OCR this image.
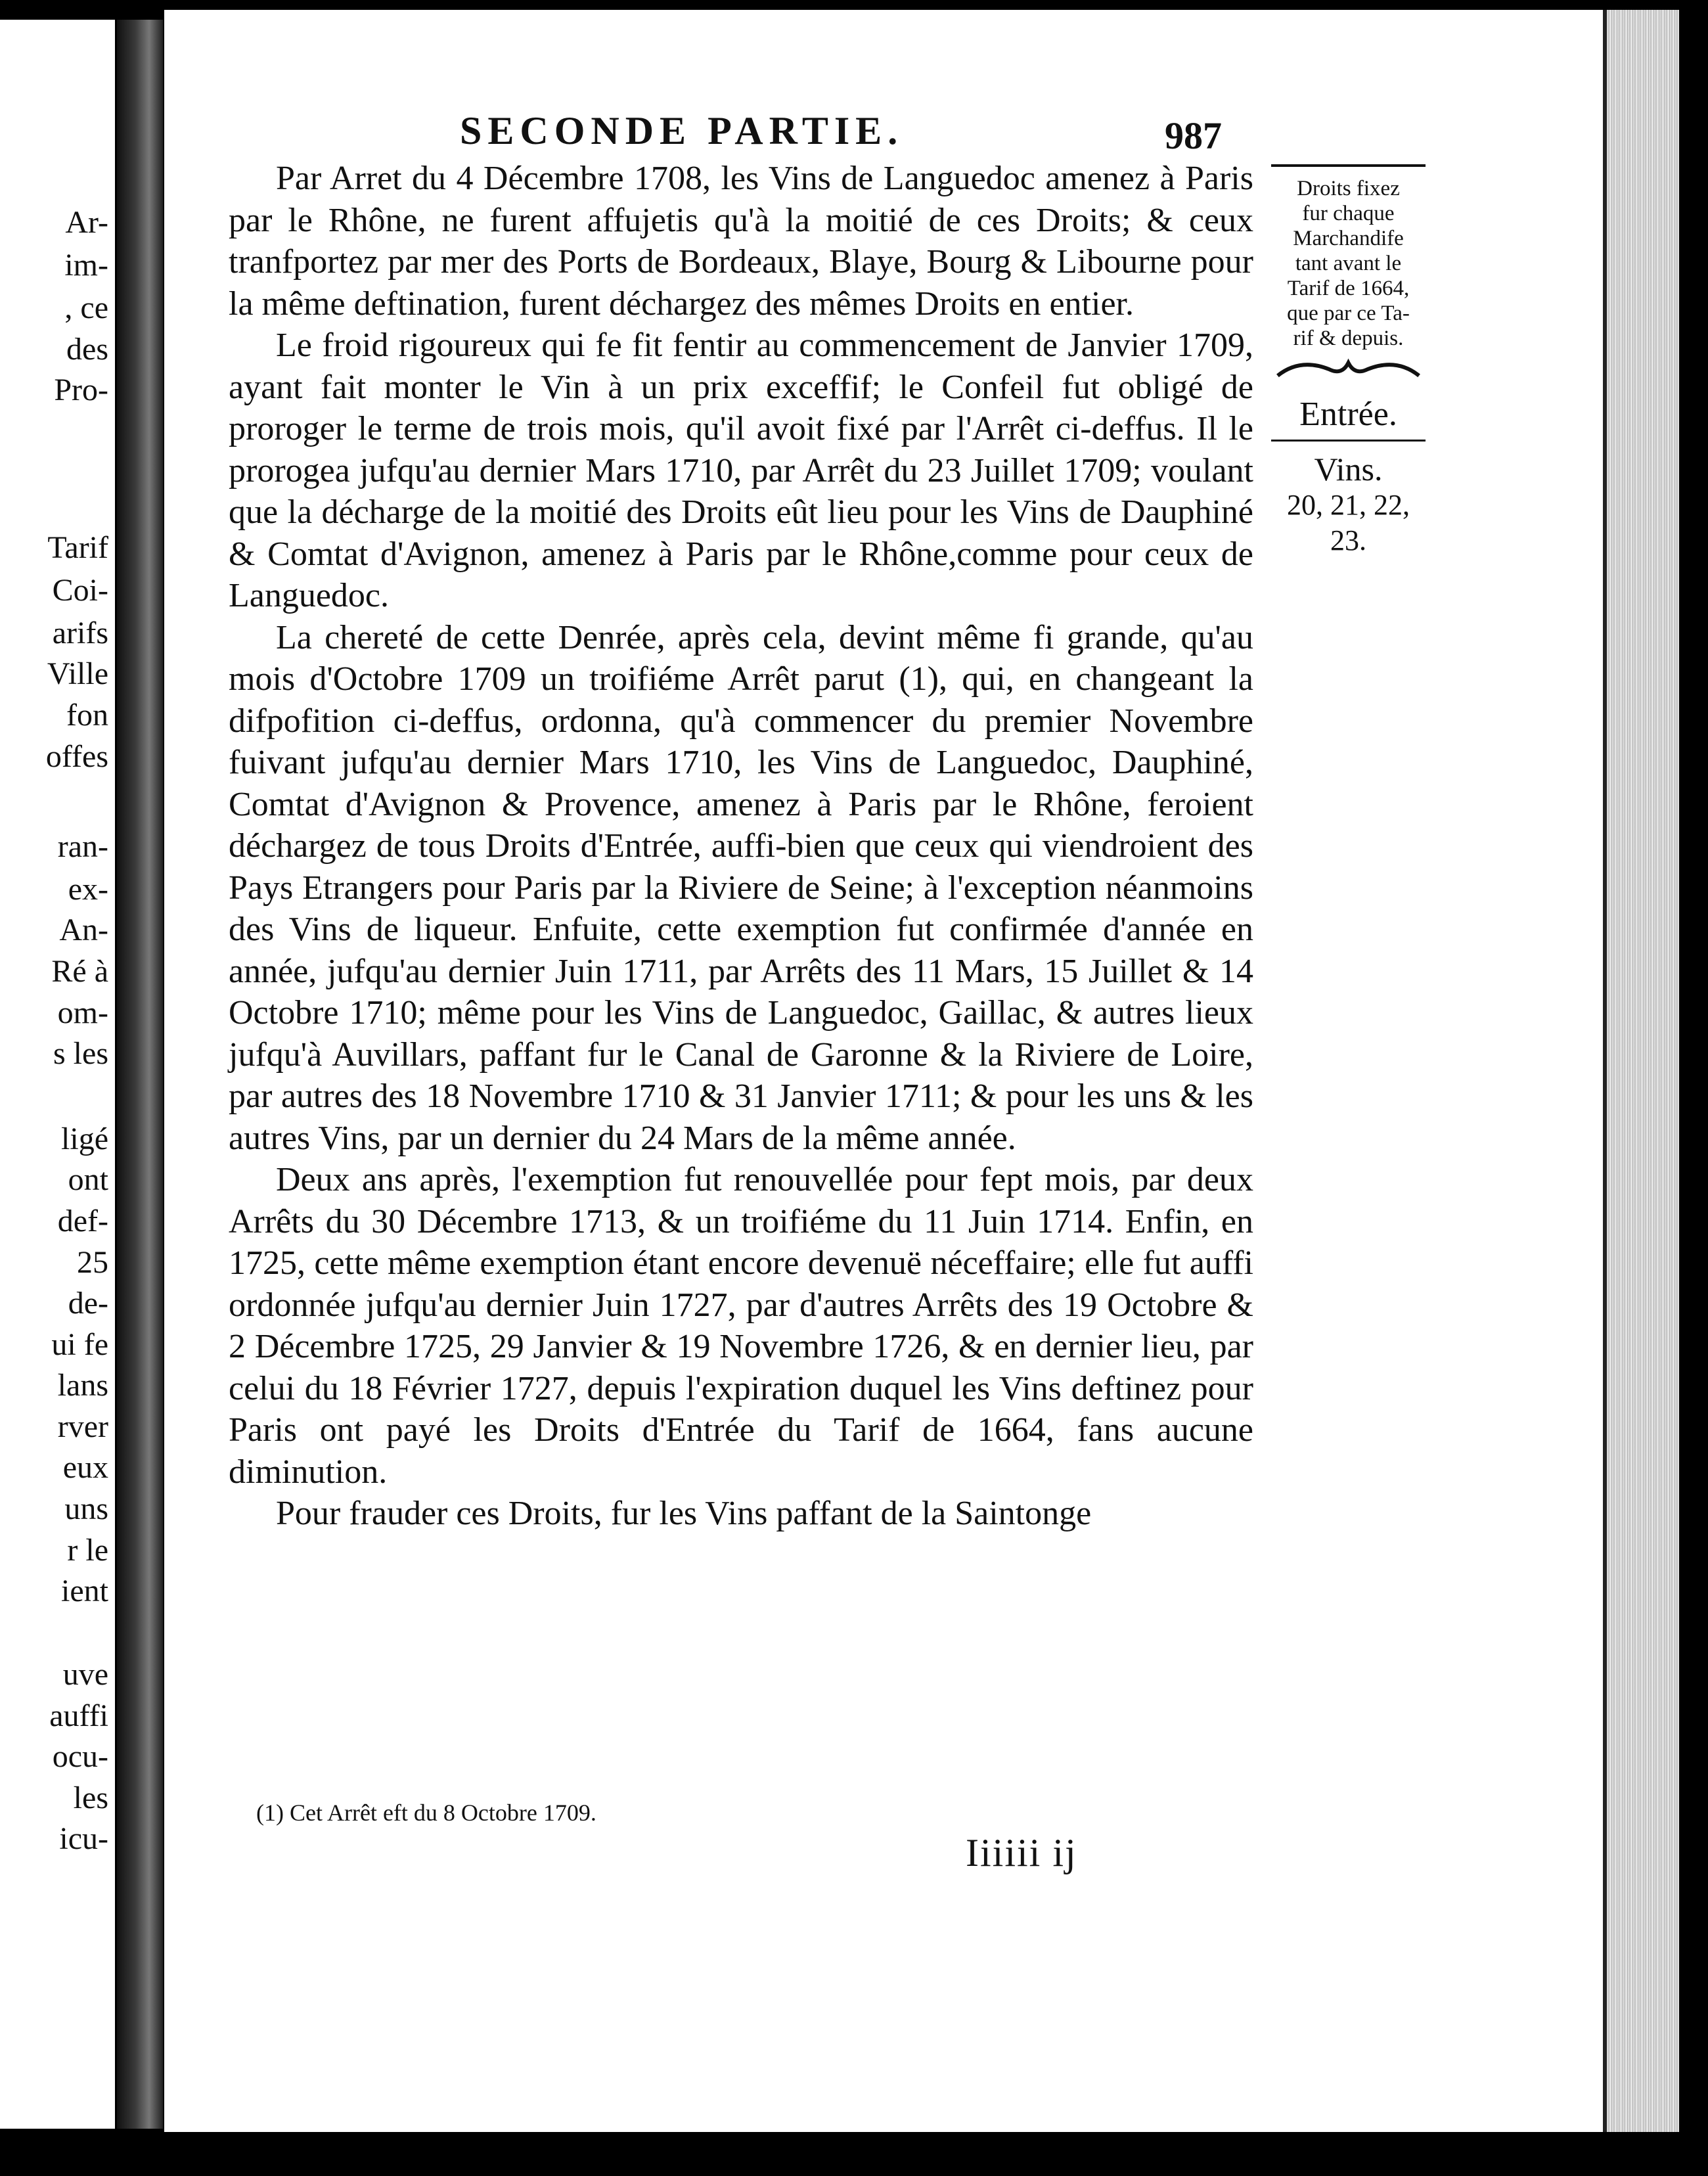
Ar-
im-
, ce
des
Pro-
Tarif
Coi-
arifs
Ville
fon
offes
ran-
ex-
An-
Ré à
om-
s les
ligé
ont
def-
25
de-
ui fe
lans
rver
eux
uns
r le
ient
uve
auffi
ocu-
les
icu-
SECONDE PARTIE.	987

Par Arret du 4 Décembre 1708, les Vins de Languedoc amenez à Paris par le Rhône, ne furent affujetis qu'à la moitié de ces Droits; & ceux tranfportez par mer des Ports de Bordeaux, Blaye, Bourg & Libourne pour la même deftination, furent déchargez des mêmes Droits en entier.

Le froid rigoureux qui fe fit fentir au commencement de Janvier 1709, ayant fait monter le Vin à un prix exceffif; le Confeil fut obligé de proroger le terme de trois mois, qu'il avoit fixé par l'Arrêt ci-deffus. Il le prorogea jufqu'au dernier Mars 1710, par Arrêt du 23 Juillet 1709; voulant que la décharge de la moitié des Droits eût lieu pour les Vins de Dauphiné & Comtat d'Avignon, amenez à Paris par le Rhône,comme pour ceux de Languedoc.

La chereté de cette Denrée, après cela, devint même fi grande, qu'au mois d'Octobre 1709 un troifiéme Arrêt parut (1), qui, en changeant la difpofition ci-deffus, ordonna, qu'à commencer du premier Novembre fuivant jufqu'au dernier Mars 1710, les Vins de Languedoc, Dauphiné, Comtat d'Avignon & Provence, amenez à Paris par le Rhône, feroient déchargez de tous Droits d'Entrée, auffi-bien que ceux qui viendroient des Pays Etrangers pour Paris par la Riviere de Seine; à l'exception néanmoins des Vins de liqueur. Enfuite, cette exemption fut confirmée d'année en année, jufqu'au dernier Juin 1711, par Arrêts des 11 Mars, 15 Juillet & 14 Octobre 1710; même pour les Vins de Languedoc, Gaillac, & autres lieux jufqu'à Auvillars, paffant fur le Canal de Garonne & la Riviere de Loire, par autres des 18 Novembre 1710 & 31 Janvier 1711; & pour les uns & les autres Vins, par un dernier du 24 Mars de la même année.

Deux ans après, l'exemption fut renouvellée pour fept mois, par deux Arrêts du 30 Décembre 1713, & un troifiéme du 11 Juin 1714. Enfin, en 1725, cette même exemption étant encore devenuë néceffaire; elle fut auffi ordonnée jufqu'au dernier Juin 1727, par d'autres Arrêts des 19 Octobre & 2 Décembre 1725, 29 Janvier & 19 Novembre 1726, & en dernier lieu, par celui du 18 Février 1727, depuis l'expiration duquel les Vins deftinez pour Paris ont payé les Droits d'Entrée du Tarif de 1664, fans aucune diminution.

Pour frauder ces Droits, fur les Vins paffant de la Saintonge

(1) Cet Arrêt eft du 8 Octobre 1709.
Iiiiii ij
Droits fixez
fur chaque
Marchandife
tant avant le
Tarif de 1664,
que par ce Ta-
rif & depuis.
Entrée.
Vins.
20, 21, 22,
23.
